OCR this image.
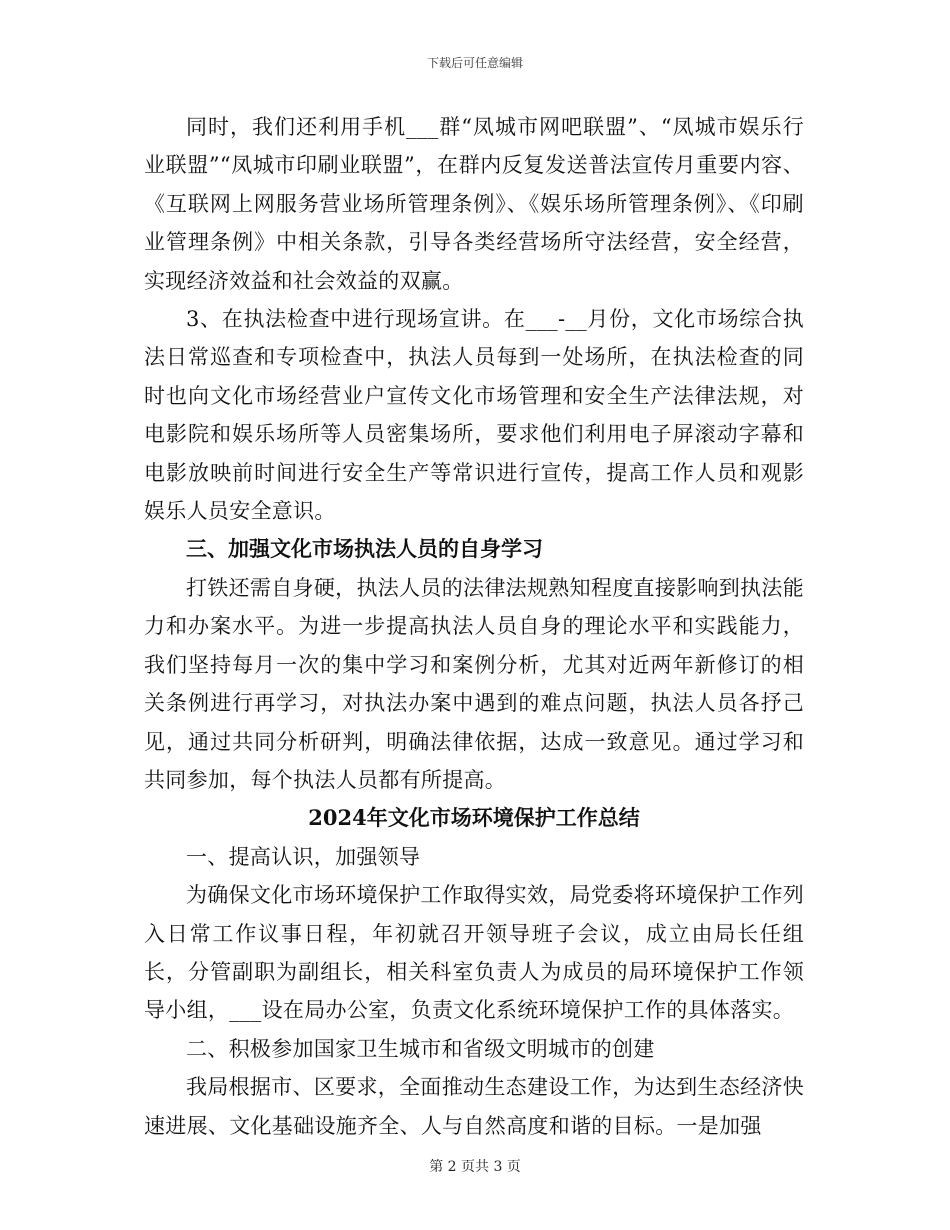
下载后可任意编辑

同时，我们还利用手机___群“凤城市网吧联盟”、“凤城市娱乐行业联盟”“凤城市印刷业联盟”，在群内反复发送普法宣传月重要内容、《互联网上网服务营业场所管理条例》、《娱乐场所管理条例》、《印刷业管理条例》中相关条款，引导各类经营场所守法经营，安全经营，实现经济效益和社会效益的双赢。

3、在执法检查中进行现场宣讲。在___-__月份，文化市场综合执法日常巡查和专项检查中，执法人员每到一处场所，在执法检查的同时也向文化市场经营业户宣传文化市场管理和安全生产法律法规，对电影院和娱乐场所等人员密集场所，要求他们利用电子屏滚动字幕和电影放映前时间进行安全生产等常识进行宣传，提高工作人员和观影娱乐人员安全意识。

三、加强文化市场执法人员的自身学习

打铁还需自身硬，执法人员的法律法规熟知程度直接影响到执法能力和办案水平。为进一步提高执法人员自身的理论水平和实践能力，我们坚持每月一次的集中学习和案例分析，尤其对近两年新修订的相关条例进行再学习，对执法办案中遇到的难点问题，执法人员各抒己见，通过共同分析研判，明确法律依据，达成一致意见。通过学习和共同参加，每个执法人员都有所提高。

2024年文化市场环境保护工作总结

一、提高认识，加强领导

为确保文化市场环境保护工作取得实效，局党委将环境保护工作列入日常工作议事日程，年初就召开领导班子会议，成立由局长任组长，分管副职为副组长，相关科室负责人为成员的局环境保护工作领导小组，___设在局办公室，负责文化系统环境保护工作的具体落实。

二、积极参加国家卫生城市和省级文明城市的创建

我局根据市、区要求，全面推动生态建设工作，为达到生态经济快速进展、文化基础设施齐全、人与自然高度和谐的目标。一是加强

第 2 页共 3 页
